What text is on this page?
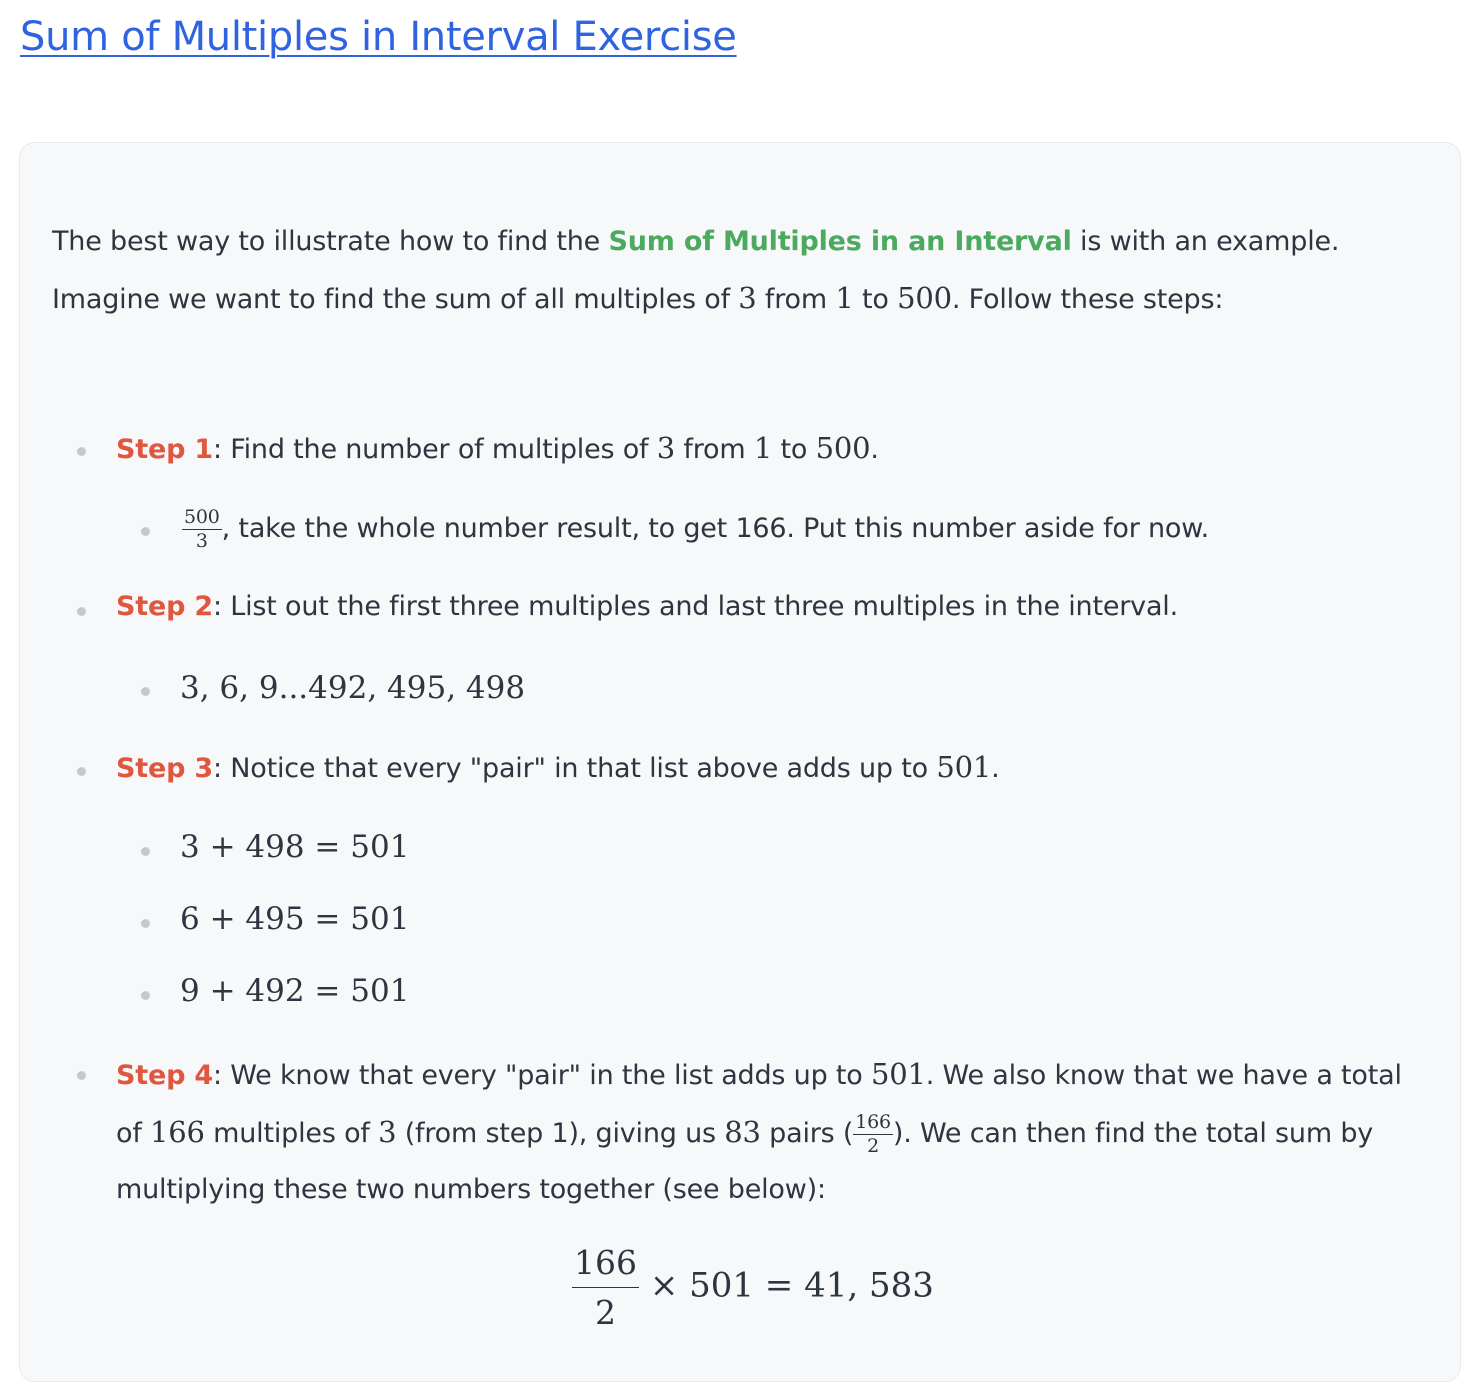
Sum of Multiples in Interval Exercise
The best way to illustrate how to find the Sum of Multiples in an Interval is with an example. Imagine we want to find the sum of all multiples of 3 from 1 to 500. Follow these steps:
Step 1: Find the number of multiples of 3 from 1 to 500.
$\frac{500}{3}$ , take the whole number result, to get 166. Put this number aside for now.
Step 2: List out the first three multiples and last three multiples in the interval.
3, 6, 9...492, 495, 498
Step 3: Notice that every "pair" in that list above adds up to 501.
3 + 498 = 501
6 + 495 = 501
9 + 492 = 501
Step 4: We know that every "pair" in the list adds up to 501. We also know that we have a total of 166 multiples of 3 (from step 1), giving us 83 pairs ( $\frac{166}{2}$ ). We can then find the total sum by multiplying these two numbers together (see below):
$\frac{166}{2} \times 501 = 41$, 583
